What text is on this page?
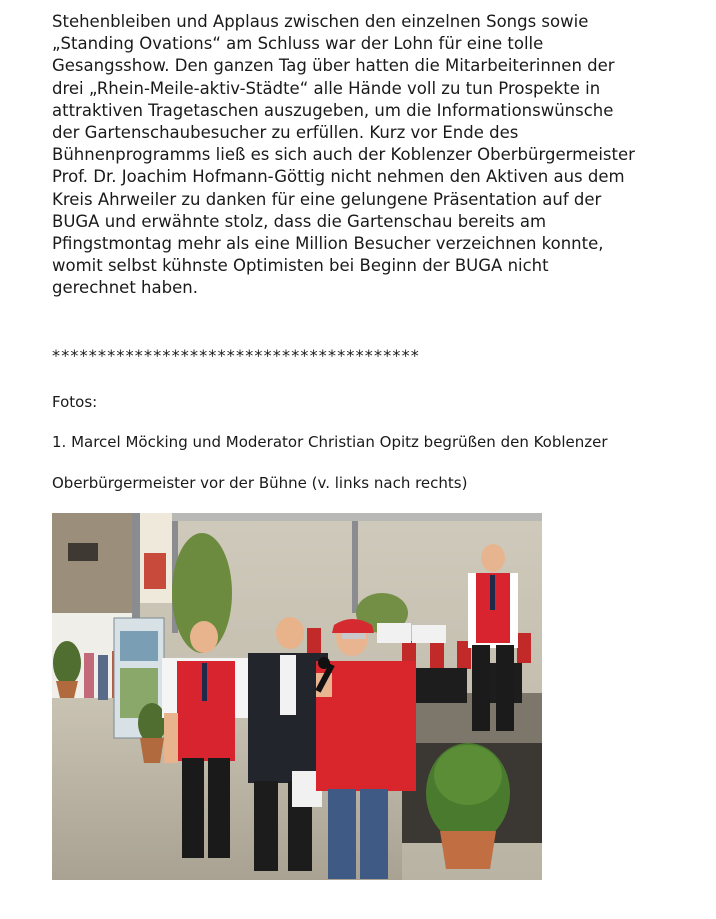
Stehenbleiben und Applaus zwischen den einzelnen Songs sowie
„Standing Ovations“ am Schluss war der Lohn für eine tolle
Gesangsshow. Den ganzen Tag über hatten die Mitarbeiterinnen der
drei „Rhein-Meile-aktiv-Städte“ alle Hände voll zu tun Prospekte in
attraktiven Tragetaschen auszugeben, um die Informationswünsche
der Gartenschaubesucher zu erfüllen. Kurz vor Ende des
Bühnenprogramms ließ es sich auch der Koblenzer Oberbürgermeister
Prof. Dr. Joachim Hofmann-Göttig nicht nehmen den Aktiven aus dem
Kreis Ahrweiler zu danken für eine gelungene Präsentation auf der
BUGA und erwähnte stolz, dass die Gartenschau bereits am
Pfingstmontag mehr als eine Million Besucher verzeichnen konnte,
womit selbst kühnste Optimisten bei Beginn der BUGA nicht
gerechnet haben.

****************************************
Fotos:
1. Marcel Möcking und Moderator Christian Opitz begrüßen den Koblenzer
Oberbürgermeister vor der Bühne (v. links nach rechts)
